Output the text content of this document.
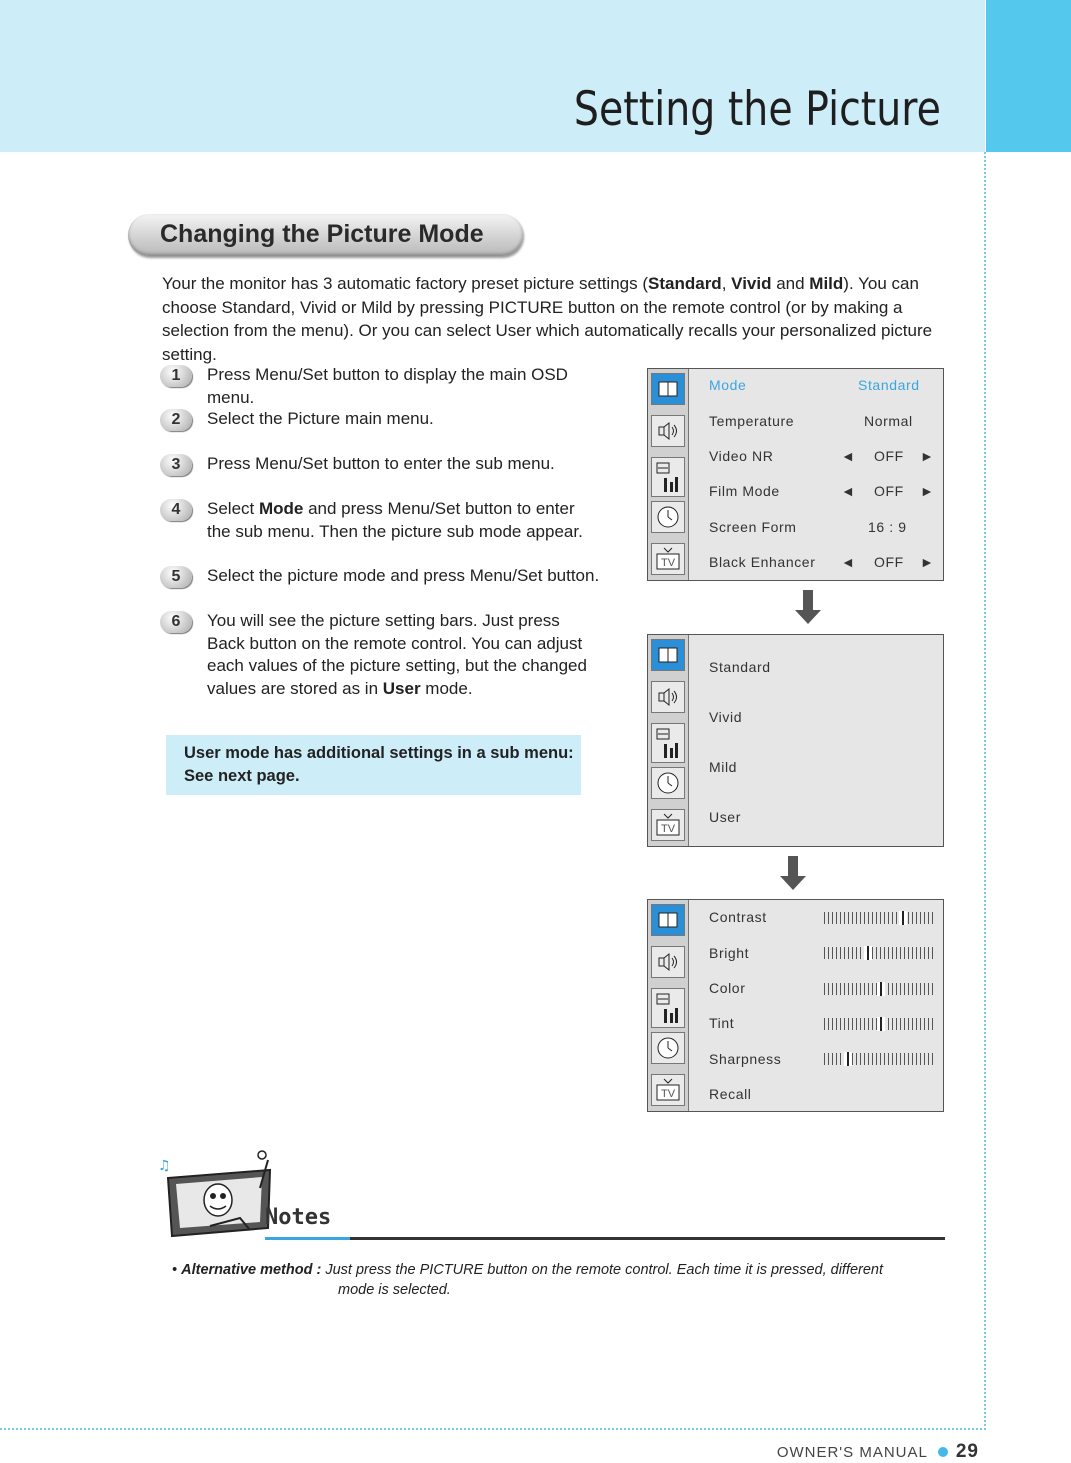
Setting the Picture
Changing the Picture Mode
Your the monitor has 3 automatic factory preset picture settings (Standard, Vivid and Mild). You can choose Standard, Vivid or Mild by pressing PICTURE button on the remote control (or by making a selection from the menu). Or you can select User which automatically recalls your personalized picture setting.
1	Press Menu/Set button to display the main OSD menu.
2	Select the Picture main menu.
3	Press Menu/Set button to enter the sub menu.
4	Select Mode and press Menu/Set button to enter the sub menu. Then the picture sub mode appear.
5	Select the picture mode and press Menu/Set button.
6	You will see the picture setting bars. Just press Back button on the remote control. You can adjust each values of the picture setting, but the changed values are stored as in User mode.
User mode has additional settings in a sub menu:
See next page.
TV
Mode	Standard
Temperature	Normal
Video NR	◄ OFF ►
Film Mode	◄ OFF ►
Screen Form	16 : 9
Black Enhancer ◄ OFF ►
TV
Standard
Vivid
Mild
User
TV
Contrast
Bright
Color
Tint
Sharpness
Recall
♫
Notes
• Alternative method : Just press the PICTURE button on the remote control. Each time it is pressed, different
mode is selected.
OWNER'S MANUAL 29
